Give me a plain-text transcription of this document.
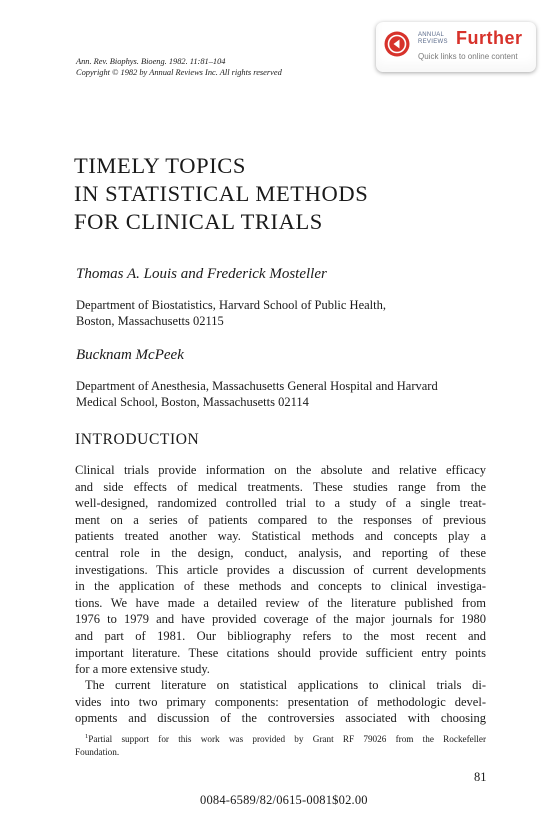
Ann. Rev. Biophys. Bioeng. 1982. 11:81–104
Copyright © 1982 by Annual Reviews Inc. All rights reserved
ANNUAL
REVIEWS Further
Quick links to online content
TIMELY TOPICS
IN STATISTICAL METHODS
FOR CLINICAL TRIALS
Thomas A. Louis and Frederick Mosteller
Department of Biostatistics, Harvard School of Public Health,
Boston, Massachusetts 02115
Bucknam McPeek
Department of Anesthesia, Massachusetts General Hospital and Harvard
Medical School, Boston, Massachusetts 02114
INTRODUCTION
Clinical trials provide information on the absolute and relative efficacy
and side effects of medical treatments. These studies range from the
well-designed, randomized controlled trial to a study of a single treat-
ment on a series of patients compared to the responses of previous
patients treated another way. Statistical methods and concepts play a
central role in the design, conduct, analysis, and reporting of these
investigations. This article provides a discussion of current developments
in the application of these methods and concepts to clinical investiga-
tions. We have made a detailed review of the literature published from
1976 to 1979 and have provided coverage of the major journals for 1980
and part of 1981. Our bibliography refers to the most recent and
important literature. These citations should provide sufficient entry points
for a more extensive study.
The current literature on statistical applications to clinical trials di-
vides into two primary components: presentation of methodologic devel-
opments and discussion of the controversies associated with choosing
$^1$Partial support for this work was provided by Grant RF 79026 from the Rockefeller
Foundation.
81
0084-6589/82/0615-0081$02.00
